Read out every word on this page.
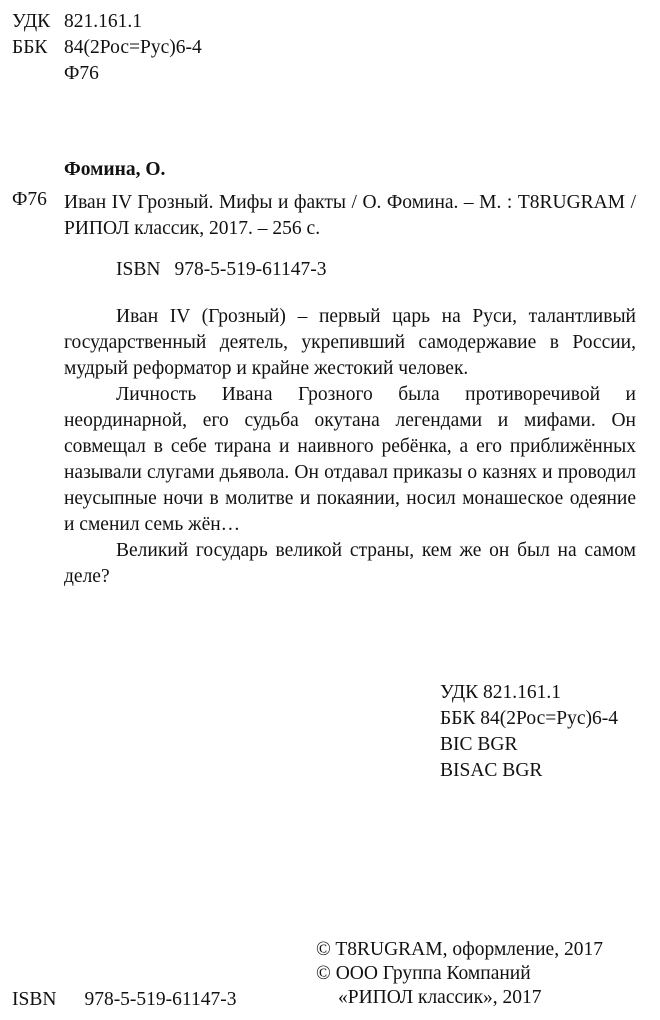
УДК 821.161.1
ББК 84(2Рос=Рус)6-4
Ф76
Фомина, О.
Ф76 Иван IV Грозный. Мифы и факты / О. Фомина. – М. : T8RUGRAM / РИПОЛ классик, 2017. – 256 с.
ISBN 978-5-519-61147-3

Иван IV (Грозный) – первый царь на Руси, талантливый государственный деятель, укрепивший самодержавие в России, мудрый реформатор и крайне жестокий человек.

Личность Ивана Грозного была противоречивой и неординарной, его судьба окутана легендами и мифами. Он совмещал в себе тирана и наивного ребёнка, а его приближённых называли слугами дьявола. Он отдавал приказы о казнях и проводил неусыпные ночи в молитве и покаянии, носил монашеское одеяние и сменил семь жён…

Великий государь великой страны, кем же он был на самом деле?

УДК 821.161.1
ББК 84(2Рос=Рус)6-4
BIC BGR
BISAC BGR
© T8RUGRAM, оформление, 2017
© ООО Группа Компаний
«РИПОЛ классик», 2017
ISBN 978-5-519-61147-3
